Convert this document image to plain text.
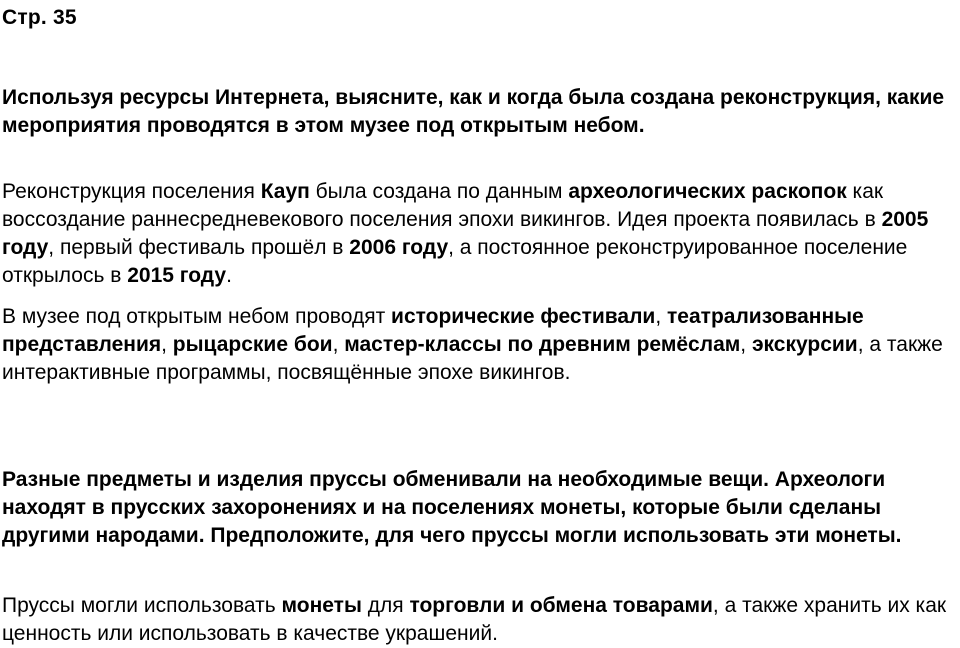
Стр. 35
Используя ресурсы Интернета, выясните, как и когда была создана реконструкция, какие мероприятия проводятся в этом музее под открытым небом.
Реконструкция поселения Кауп была создана по данным археологических раскопок как воссоздание раннесредневекового поселения эпохи викингов. Идея проекта появилась в 2005 году, первый фестиваль прошёл в 2006 году, а постоянное реконструированное поселение открылось в 2015 году.
В музее под открытым небом проводят исторические фестивали, театрализованные представления, рыцарские бои, мастер-классы по древним ремёслам, экскурсии, а также интерактивные программы, посвящённые эпохе викингов.
Разные предметы и изделия пруссы обменивали на необходимые вещи. Археологи находят в прусских захоронениях и на поселениях монеты, которые были сделаны другими народами. Предположите, для чего пруссы могли использовать эти монеты.
Пруссы могли использовать монеты для торговли и обмена товарами, а также хранить их как ценность или использовать в качестве украшений.
